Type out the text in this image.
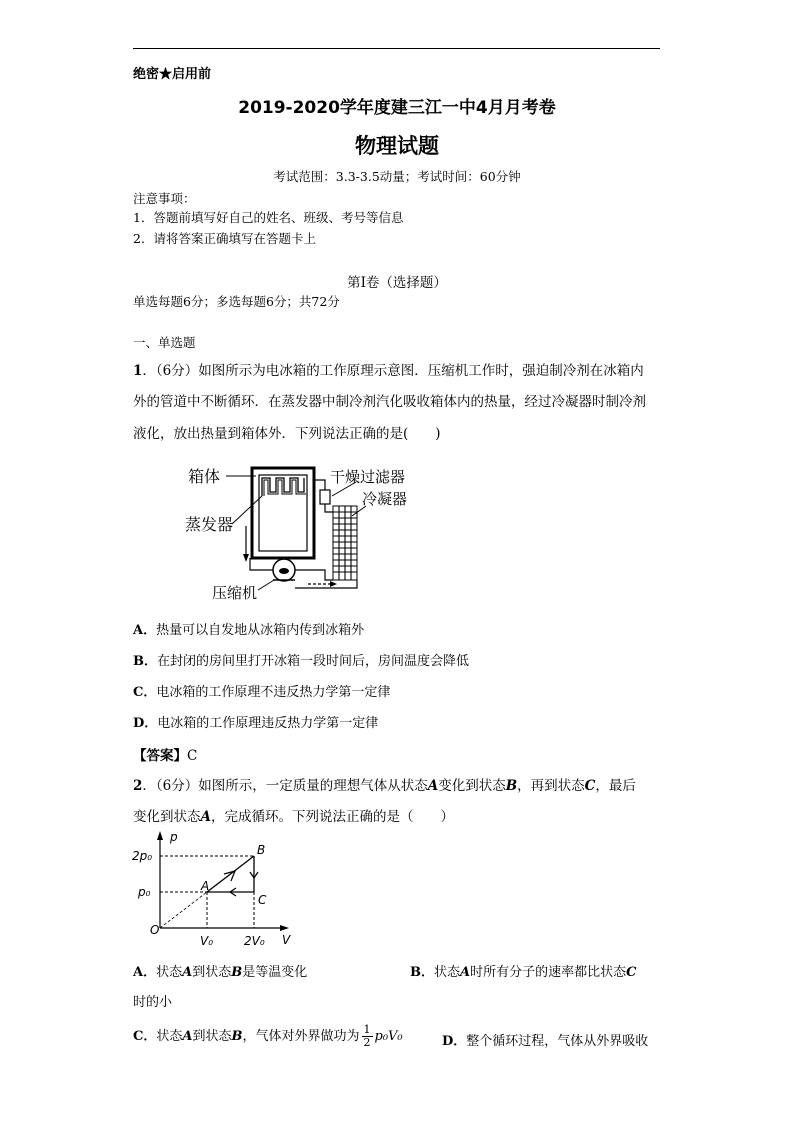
绝密★启用前
2019-2020学年度建三江一中4月月考卷
物理试题
考试范围：3.3-3.5动量；考试时间：60分钟
注意事项：
1．答题前填写好自己的姓名、班级、考号等信息
2．请将答案正确填写在答题卡上
第I卷（选择题）
单选每题6分；多选每题6分；共72分
一、单选题
1．（6分）如图所示为电冰箱的工作原理示意图．压缩机工作时，强迫制冷剂在冰箱内
外的管道中不断循环．在蒸发器中制冷剂汽化吸收箱体内的热量，经过冷凝器时制冷剂
液化，放出热量到箱体外．下列说法正确的是(　　)
箱体	干燥过滤器
冷凝器
蒸发器
压缩机
A．热量可以自发地从冰箱内传到冰箱外
B．在封闭的房间里打开冰箱一段时间后，房间温度会降低
C．电冰箱的工作原理不违反热力学第一定律
D．电冰箱的工作原理违反热力学第一定律
【答案】C
2．（6分）如图所示，一定质量的理想气体从状态A变化到状态B，再到状态C，最后
变化到状态A，完成循环。下列说法正确的是（　　）
p
V
O
2p₀
p₀
V₀	2V₀
A
B
C
A．状态A到状态B是等温变化	B．状态A时所有分子的速率都比状态C
时的小
C．状态A到状态B，气体对外界做功为 $\frac{1}{2} p_0V_0$	D．整个循环过程，气体从外界吸收
